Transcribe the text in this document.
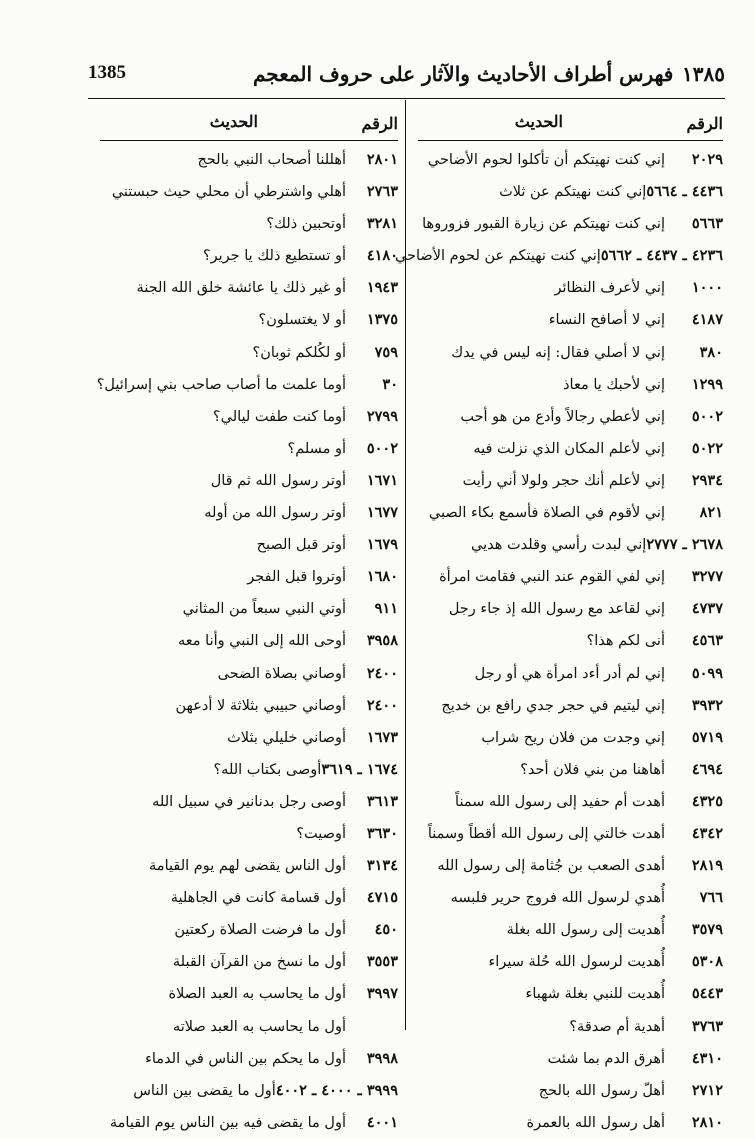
1385	فهرس أطراف الأحاديث والآثار على حروف المعجم ١٣٨٥
الرقم
الحديث
٢٠٢٩إني كنت نهيتكم أن تأكلوا لحوم الأضاحي
٤٤٣٦ ـ ٥٦٦٤إني كنت نهيتكم عن ثلاث
٥٦٦٣إني كنت نهيتكم عن زيارة القبور فزوروها
٤٢٣٦ ـ ٤٤٣٧ ـ ٥٦٦٢إني كنت نهيتكم عن لحوم الأضاحي
١٠٠٠إني لأعرف النظائر
٤١٨٧إني لا أصافح النساء
٣٨٠إني لا أصلي فقال: إنه ليس في يدك
١٢٩٩إني لأحبك يا معاذ
٥٠٠٢إني لأعطي رجالاً وأدع من هو أحب
٥٠٢٢إني لأعلم المكان الذي نزلت فيه
٢٩٣٤إني لأعلم أنك حجر ولولا أني رأيت
٨٢١إني لأقوم في الصلاة فأسمع بكاء الصبي
٢٦٧٨ ـ ٢٧٧٧إني لبدت رأسي وقلدت هديي
٣٢٧٧إني لفي القوم عند النبي فقامت امرأة
٤٧٣٧إني لقاعد مع رسول الله إذ جاء رجل
٤٥٦٣أنى لكم هذا؟
٥٠٩٩إني لم أدر أ‍ءد امرأة هي أو رجل
٣٩٣٢إني ليتيم في حجر جدي رافع بن خديج
٥٧١٩إني وجدت من فلان ريح شراب
٤٦٩٤أهاهنا من بني فلان أحد؟
٤٣٢٥أهدت أم حفيد إلى رسول الله سمناً
٤٣٤٢أهدت خالتي إلى رسول الله أقطاً وسمناً
٢٨١٩أهدى الصعب بن جُثامة إلى رسول الله
٧٦٦أُهدي لرسول الله فروج حرير فلبسه
٣٥٧٩أُهديت إلى رسول الله بغلة
٥٣٠٨أُهديت لرسول الله حُلة سيراء
٥٤٤٣أُهديت للنبي بغلة شهباء
٣٧٦٣أهدية أم صدقة؟
٤٣١٠أهرق الدم بما شئت
٢٧١٢أهلّ رسول الله بالحج
٢٨١٠أهل رسول الله بالعمرة
الرقم
الحديث
٢٨٠١أهللنا أصحاب النبي بالحج
٢٧٦٣أهلي واشترطي أن محلي حيث حبستني
٣٢٨١أوتحبين ذلك؟
٤١٨٠أو تستطيع ذلك يا جرير؟
١٩٤٣أو غير ذلك يا عائشة خلق الله الجنة
١٣٧٥أو لا يغتسلون؟
٧٥٩أو لكُلكم ثوبان؟
٣٠أوما علمت ما أصاب صاحب بني إسرائيل؟
٢٧٩٩أوما كنت طفت ليالي؟
٥٠٠٢أو مسلم؟
١٦٧١أوتر رسول الله ثم قال
١٦٧٧أوتر رسول الله من أوله
١٦٧٩أوتر قبل الصبح
١٦٨٠أوتروا قبل الفجر
٩١١أوتي النبي سبعاً من المثاني
٣٩٥٨أوحى الله إلى النبي وأنا معه
٢٤٠٠أوصاني بصلاة الضحى
٢٤٠٠أوصاني حبيبي بثلاثة لا أدعهن
١٦٧٣أوصاني خليلي بثلاث
١٦٧٤ ـ ٣٦١٩أوصى بكتاب الله؟
٣٦١٣أوصى رجل بدنانير في سبيل الله
٣٦٣٠أوصيت؟
٣١٣٤أول الناس يقضى لهم يوم القيامة
٤٧١٥أول قسامة كانت في الجاهلية
٤٥٠أول ما فرضت الصلاة ركعتين
٣٥٥٣أول ما نسخ من القرآن القبلة
٣٩٩٧أول ما يحاسب به العبد الصلاة
أول ما يحاسب به العبد صلاته
٣٩٩٨أول ما يحكم بين الناس في الدماء
٣٩٩٩ ـ ٤٠٠٠ ـ ٤٠٠٢أول ما يقضى بين الناس
٤٠٠١أول ما يقضى فيه بين الناس يوم القيامة
